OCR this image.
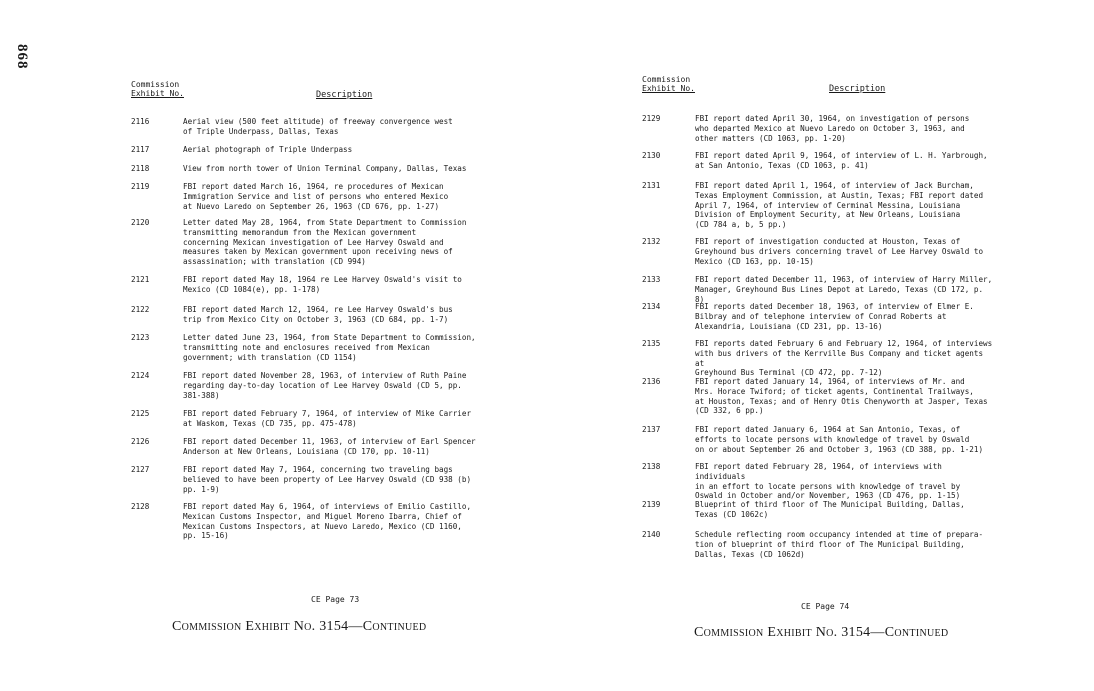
868
Commission
Exhibit No.	Description
2116	Aerial view (500 feet altitude) of freeway convergence west
of Triple Underpass, Dallas, Texas
2117	Aerial photograph of Triple Underpass
2118	View from north tower of Union Terminal Company, Dallas, Texas
2119	FBI report dated March 16, 1964, re procedures of Mexican
Immigration Service and list of persons who entered Mexico
at Nuevo Laredo on September 26, 1963 (CD 676, pp. 1-27)
2120	Letter dated May 28, 1964, from State Department to Commission
transmitting memorandum from the Mexican government
concerning Mexican investigation of Lee Harvey Oswald and
measures taken by Mexican government upon receiving news of
assassination; with translation (CD 994)
2121	FBI report dated May 18, 1964 re Lee Harvey Oswald's visit to
Mexico (CD 1084(e), pp. 1-178)
2122	FBI report dated March 12, 1964, re Lee Harvey Oswald's bus
trip from Mexico City on October 3, 1963 (CD 684, pp. 1-7)
2123	Letter dated June 23, 1964, from State Department to Commission,
transmitting note and enclosures received from Mexican
government; with translation (CD 1154)
2124	FBI report dated November 28, 1963, of interview of Ruth Paine
regarding day-to-day location of Lee Harvey Oswald (CD 5, pp.
381-388)
2125	FBI report dated February 7, 1964, of interview of Mike Carrier
at Waskom, Texas (CD 735, pp. 475-478)
2126	FBI report dated December 11, 1963, of interview of Earl Spencer
Anderson at New Orleans, Louisiana (CD 170, pp. 10-11)
2127	FBI report dated May 7, 1964, concerning two traveling bags
believed to have been property of Lee Harvey Oswald (CD 938 (b)
pp. 1-9)
2128	FBI report dated May 6, 1964, of interviews of Emilio Castillo,
Mexican Customs Inspector, and Miguel Moreno Ibarra, Chief of
Mexican Customs Inspectors, at Nuevo Laredo, Mexico (CD 1160,
pp. 15-16)
CE Page 73
Commission Exhibit No. 3154—Continued
Commission
Exhibit No.	Description
2129	FBI report dated April 30, 1964, on investigation of persons
who departed Mexico at Nuevo Laredo on October 3, 1963, and
other matters (CD 1063, pp. 1-20)
2130	FBI report dated April 9, 1964, of interview of L. H. Yarbrough,
at San Antonio, Texas (CD 1063, p. 41)
2131	FBI report dated April 1, 1964, of interview of Jack Burcham,
Texas Employment Commission, at Austin, Texas; FBI report dated
April 7, 1964, of interview of Cerminal Messina, Louisiana
Division of Employment Security, at New Orleans, Louisiana
(CD 784 a, b, 5 pp.)
2132	FBI report of investigation conducted at Houston, Texas of
Greyhound bus drivers concerning travel of Lee Harvey Oswald to
Mexico (CD 163, pp. 10-15)
2133	FBI report dated December 11, 1963, of interview of Harry Miller,
Manager, Greyhound Bus Lines Depot at Laredo, Texas (CD 172, p. 8)
2134	FBI reports dated December 18, 1963, of interview of Elmer E.
Bilbray and of telephone interview of Conrad Roberts at
Alexandria, Louisiana (CD 231, pp. 13-16)
2135	FBI reports dated February 6 and February 12, 1964, of interviews
with bus drivers of the Kerrville Bus Company and ticket agents at
Greyhound Bus Terminal (CD 472, pp. 7-12)
2136	FBI report dated January 14, 1964, of interviews of Mr. and
Mrs. Horace Twiford; of ticket agents, Continental Trailways,
at Houston, Texas; and of Henry Otis Chenyworth at Jasper, Texas
(CD 332, 6 pp.)
2137	FBI report dated January 6, 1964 at San Antonio, Texas, of
efforts to locate persons with knowledge of travel by Oswald
on or about September 26 and October 3, 1963 (CD 388, pp. 1-21)
2138	FBI report dated February 28, 1964, of interviews with individuals
in an effort to locate persons with knowledge of travel by
Oswald in October and/or November, 1963 (CD 476, pp. 1-15)
2139	Blueprint of third floor of The Municipal Building, Dallas,
Texas (CD 1062c)
2140	Schedule reflecting room occupancy intended at time of prepara-
tion of blueprint of third floor of The Municipal Building,
Dallas, Texas (CD 1062d)
CE Page 74
Commission Exhibit No. 3154—Continued
